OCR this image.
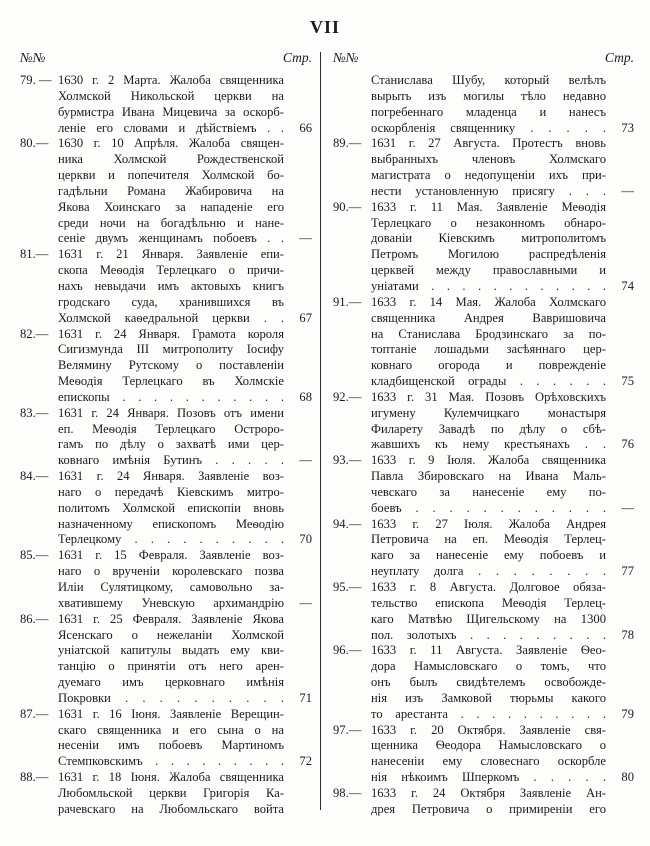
VII
№№	Стр.
79. — 1630 г. 2 Марта. Жалоба священника
Холмской Никольской церкви на
бурмистра Ивана Мицевича за оскорб-
леніе его словами и дѣйствіемъ . .	66
80.— 1630 г. 10 Апрѣля. Жалоба священ-
ника Холмской Рождественской
церкви и попечителя Холмской бо-
гадѣльни Романа Жабировича на
Якова Хоинскаго за нападеніе его
среди ночи на богадѣльню и нане-
сеніе двумъ женщинамъ побоевъ . .	—
81.— 1631 г. 21 Января. Заявленіе епи-
скопа Меѳодія Терлецкаго о причи-
нахъ невыдачи имъ актовыхъ книгъ
гродскаго суда, хранившихся въ
Холмской каѳедральной церкви . .	67
82.— 1631 г. 24 Января. Грамота короля
Сигизмунда III митрополиту Іосифу
Велямину Рутскому о поставленіи
Меѳодія Терлецкаго въ Холмскіе
епископы . . . . . . . . . . .	68
83.— 1631 г. 24 Января. Позовъ отъ имени
еп. Меѳодія Терлецкаго Остроро-
гамъ по дѣлу о захватѣ ими цер-
ковнаго имѣнія Бутинъ . . . . .	—
84.— 1631 г. 24 Января. Заявленіе воз-
наго о передачѣ Кіевскимъ митро-
политомъ Холмской епископіи вновь
назначенному епископомъ Меѳодію
Терлецкому . . . . . . . . . .	70
85.— 1631 г. 15 Февраля. Заявленіе воз-
наго о врученіи королевскаго позва
Иліи Сулятицкому, самовольно за-
хватившему Уневскую архимандрію	—
86.— 1631 г. 25 Февраля. Заявленіе Якова
Ясенскаго о нежеланіи Холмской
уніатской капитулы выдать ему кви-
танцію о принятіи отъ него арен-
дуемаго имъ церковнаго имѣнія
Покровки . . . . . . . . . .	71
87.— 1631 г. 16 Іюня. Заявленіе Верещин-
скаго священника и его сына о на
несеніи имъ побоевъ Мартиномъ
Стемпковскимъ . . . . . . . . .	72
88.— 1631 г. 18 Іюня. Жалоба священника
Любомльской церкви Григорія Ка-
рачевскаго на Любомльскаго войта
№№	Стр.
Станислава Шубу, который велѣлъ
вырыть изъ могилы тѣло недавно
погребеннаго младенца и нанесъ
оскорбленія священнику . . . . .	73
89.— 1631 г. 27 Августа. Протестъ вновь
выбранныхъ членовъ Холмскаго
магистрата о недопущеніи ихъ при-
нести установленную присягу . . .	—
90.— 1633 г. 11 Мая. Заявленіе Меѳодія
Терлецкаго о незаконномъ обнаро-
дованіи Кіевскимъ митрополитомъ
Петромъ Могилою распредѣленія
церквей между православными и
уніатами . . . . . . . . . . . .	74
91.— 1633 г. 14 Мая. Жалоба Холмскаго
священника Андрея Вавришовича
на Станислава Бродзинскаго за по-
топтаніе лошадьми засѣяннаго цер-
ковнаго огорода и поврежденіе
кладбищенской ограды . . . . . .	75
92.— 1633 г. 31 Мая. Позовъ Орѣховскихъ
игумену Кулемчицкаго монастыря
Филарету Завадѣ по дѣлу о сбѣ-
жавшихъ къ нему крестьянахъ . .	76
93.— 1633 г. 9 Іюля. Жалоба священника
Павла Збировскаго на Ивана Маль-
чевскаго за нанесеніе ему по-
боевъ . . . . . . . . . . . .	—
94.— 1633 г. 27 Іюля. Жалоба Андрея
Петровича на еп. Меѳодія Терлец-
каго за нанесеніе ему побоевъ и
неуплату долга . . . . . . . .	77
95.— 1633 г. 8 Августа. Долговое обяза-
тельство епископа Меѳодія Терлец-
каго Матвѣю Щигельскому на 1300
пол. золотыхъ . . . . . . . . .	78
96.— 1633 г. 11 Августа. Заявленіе Ѳео-
дора Намысловскаго о томъ, что
онъ былъ свидѣтелемъ освобожде-
нія изъ Замковой тюрьмы какого
то арестанта . . . . . . . . . .	79
97.— 1633 г. 20 Октября. Заявленіе свя-
щенника Ѳеодора Намысловскаго о
нанесеніи ему словеснаго оскорбле
нія нѣкоимъ Шперкомъ . . . . .	80
98.— 1633 г. 24 Октября Заявленіе Ан-
дрея Петровича о примиреніи его
